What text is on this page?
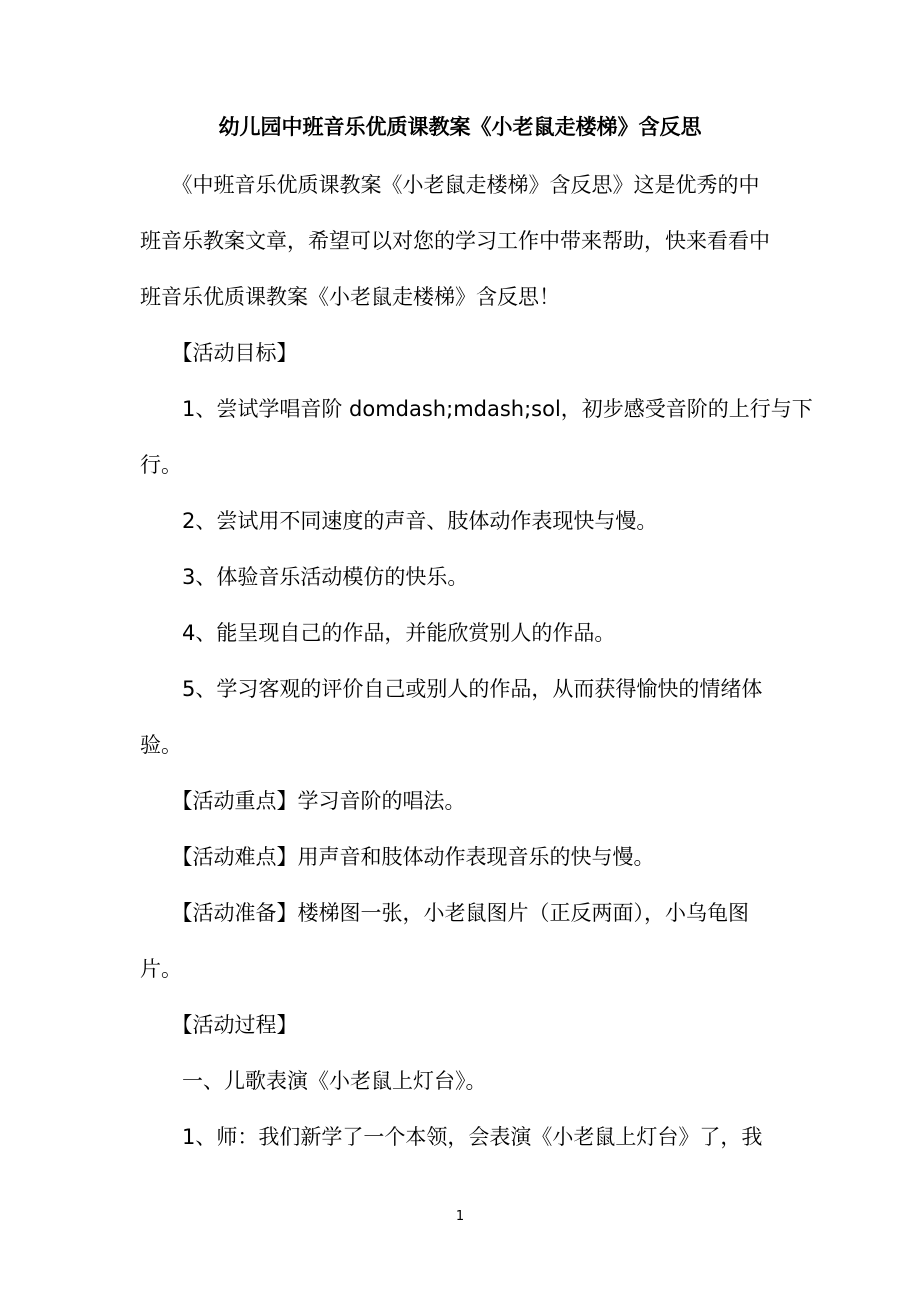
幼儿园中班音乐优质课教案《小老鼠走楼梯》含反思
　　《中班音乐优质课教案《小老鼠走楼梯》含反思》这是优秀的中
班音乐教案文章，希望可以对您的学习工作中带来帮助，快来看看中
班音乐优质课教案《小老鼠走楼梯》含反思！
　　【活动目标】
　　1、尝试学唱音阶 domdash;mdash;sol，初步感受音阶的上行与下
行。
　　2、尝试用不同速度的声音、肢体动作表现快与慢。
　　3、体验音乐活动模仿的快乐。
　　4、能呈现自己的作品，并能欣赏别人的作品。
　　5、学习客观的评价自己或别人的作品，从而获得愉快的情绪体
验。
　　【活动重点】学习音阶的唱法。
　　【活动难点】用声音和肢体动作表现音乐的快与慢。
　　【活动准备】楼梯图一张，小老鼠图片（正反两面），小乌龟图
片。
　　【活动过程】
　　一、儿歌表演《小老鼠上灯台》。
　　1、师：我们新学了一个本领，会表演《小老鼠上灯台》了，我
1
